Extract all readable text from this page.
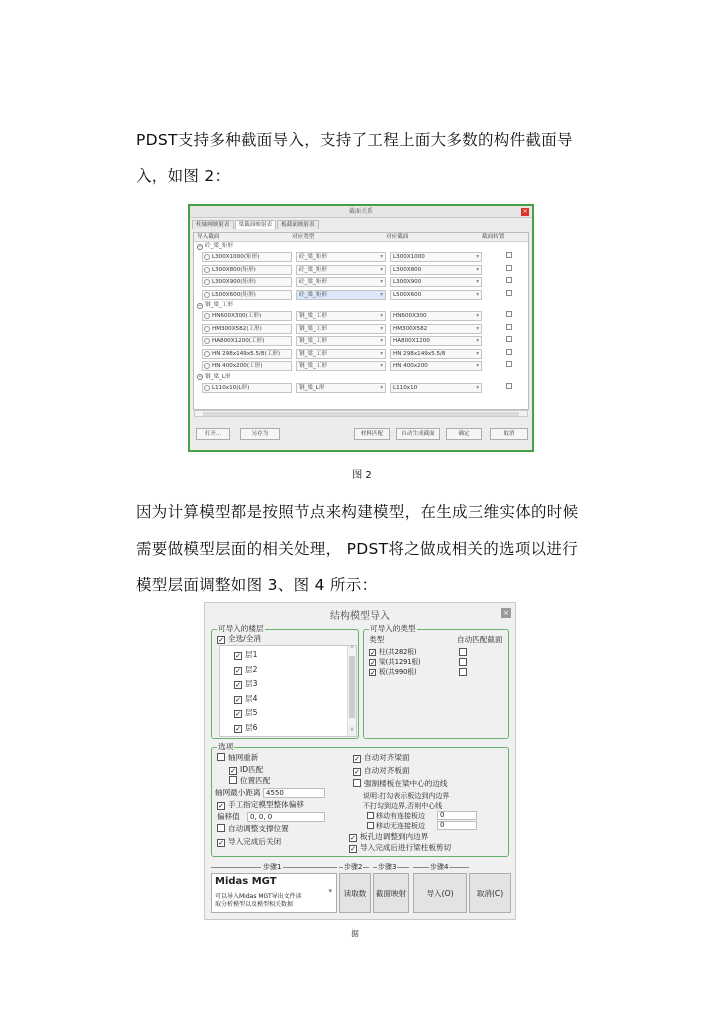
PDST支持多种截面导入，支持了工程上面大多数的构件截面导
入，如图 2：
截面关系	×
柱轴网映射表	梁截面映射表	板截面映射表
导入截面	对应类型	对应截面	截面转置
^ 砼_梁_矩形
L300X1000(矩形)	砼_梁_矩形	▾	L300X1000	▾
L300X800(矩形)	砼_梁_矩形	▾	L300X800	▾
L300X900(矩形)	砼_梁_矩形	▾	L300X900	▾
L500X600(矩形)	砼_梁_矩形	▾	L500X600	▾
^ 钢_梁_工形
HN600X300(工形)	钢_梁_工形	▾	HN600X300	▾
HM300X582(工形)	钢_梁_工形	▾	HM300X582	▾
HA800X1200(工形)	钢_梁_工形	▾	HA800X1200	▾
HN 298x149x5.5/8(工形)	钢_梁_工形	▾	HN 298x149x5.5/8	▾
HN 400x200(工形)	钢_梁_工形	▾	HN 400x200	▾
^ 钢_梁_L形
L110x10(L形)	钢_梁_L形	▾	L110x10	▾
打开...	另存为	材料匹配	自动生成截面	确定	取消
图 2
因为计算模型都是按照节点来构建模型，在生成三维实体的时候
需要做模型层面的相关处理， PDST将之做成相关的选项以进行
模型层面调整如图 3、图 4 所示：
结构模型导入	×
可导入的楼层
✓ 全选/全消
✓ 层1
✓ 层2
✓ 层3
✓ 层4
✓ 层5
✓ 层6
^
v
可导入的类型
类型	自动匹配截面
✓ 柱(共282根)
✓ 梁(共1291根)
✓ 板(共990根)
选项
轴网重新
✓ ID匹配
位置匹配
轴网最小距离 4550
✓ 手工指定模型整体偏移
偏移值	0, 0, 0
自动调整支撑位置
✓ 导入完成后关闭
✓ 自动对齐梁面
✓ 自动对齐板面
强制楼板在梁中心的边线
说明:打勾表示板边到内边界
不打勾到边界,否则中心线
移动有连接板边	0
移动无连接板边	0
✓ 板孔边调整到内边界
✓ 导入完成后进行梁柱板剪切
步骤1	步骤2 步骤3	步骤4
Midas MGT
可以导入Midas MGT导出文件读
取分析模型以及模型相关数据
▾	读取数据
截面映射	导入(O)	取消(C)
